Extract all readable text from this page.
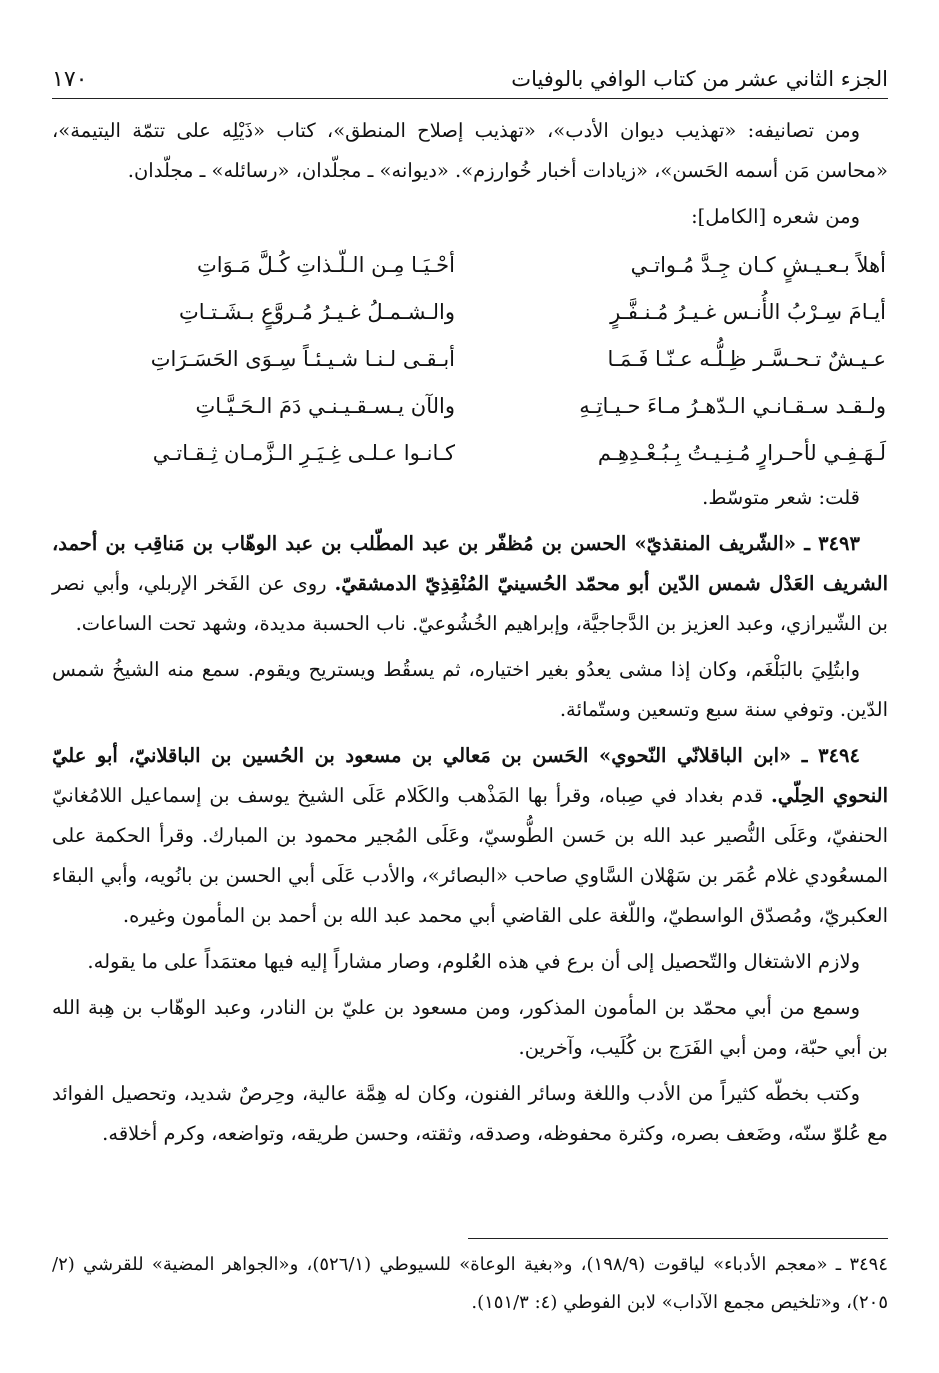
الجزء الثاني عشر من كتاب الوافي بالوفيات
١٧٠

ومن تصانيفه: «تهذيب ديوان الأدب»، «تهذيب إصلاح المنطق»، كتاب «ذَيْلِه على تتمّة اليتيمة»، «محاسن مَن أسمه الحَسن»، «زيادات أخبار خُوارزم». «ديوانه» ـ مجلّدان، «رسائله» ـ مجلّدان.

ومن شعره [الكامل]:

أهلاً بـعـيـشٍ كـان جِـدَّ مُـواتـي
أحْـيَـا مِـن الـلّـذاتِ كُـلَّ مَـوَاتِ
أيـامَ سِـرْبُ الأُنـس غـيـرُ مُـنـفَّـرٍ
والـشـمـلُ غـيـرُ مُـروَّعٍ بـشَـتـاتِ
عـيـشٌ تـحـسَّـر ظِـلُّـه عـنّـا فَـمَـا
أبـقـى لـنـا شـيـئـاً سِـوَى الحَسَـرَاتِ
ولـقـد سـقـانـي الـدّهـرُ مـاءَ حـيـاتِـهِ
والآن يـسـقـيـنـي دَمَ الـحَـيَّـاتِ
لَـهَـفِـي لأحـرارٍ مُـنِـيـتُ بِـبُـعْـدِهِـم
كـانـوا عـلـى غِـيَـرِ الـزَّمـان ثِـقـاتـي

قلت: شعر متوسّط.

٣٤٩٣ ـ «الشّريف المنقذيّ» الحسن بن مُظفّر بن عبد المطّلب بن عبد الوهّاب بن مَناقِب بن أحمد، الشريف العَدْل شمس الدّين أبو محمّد الحُسينيّ المُنْقِذِيّ الدمشقيّ. روى عن الفَخر الإربلي، وأبي نصر بن الشّيرازي، وعبد العزيز بن الدَّجاجيَّة، وإبراهيم الخُشُوعيّ. ناب الحسبة مديدة، وشهد تحت الساعات.

وابتُلِيَ بالبَلْغَم، وكان إذا مشى يعدُو بغير اختياره، ثم يسقُط ويستريح ويقوم. سمع منه الشيخُ شمس الدّين. وتوفي سنة سبع وتسعين وستّمائة.

٣٤٩٤ ـ «ابن الباقلانّي النّحوي» الحَسن بن مَعالي بن مسعود بن الحُسين بن الباقلانيّ، أبو عليّ النحوي الحِلّي. قدم بغداد في صِباه، وقرأ بها المَذْهب والكَلام عَلَى الشيخ يوسف بن إسماعيل اللامُغانيّ الحنفيّ، وعَلَى النُّصير عبد الله بن حَسن الطُّوسيّ، وعَلَى المُجير محمود بن المبارك. وقرأ الحكمة على المسعُودي غلام عُمَر بن سَهْلان السَّاوي صاحب «البصائر»، والأدب عَلَى أبي الحسن بن بانُويه، وأبي البقاء العكبريّ، ومُصدّق الواسطيّ، واللّغة على القاضي أبي محمد عبد الله بن أحمد بن المأمون وغيره.

ولازم الاشتغال والتّحصيل إلى أن برع في هذه العُلوم، وصار مشاراً إليه فيها معتمَداً على ما يقوله.

وسمع من أبي محمّد بن المأمون المذكور، ومن مسعود بن عليّ بن النادر، وعبد الوهّاب بن هِبة الله بن أبي حبّة، ومن أبي الفَرَج بن كُلَيب، وآخرين.

وكتب بخطّه كثيراً من الأدب واللغة وسائر الفنون، وكان له هِمَّة عالية، وحِرصٌ شديد، وتحصيل الفوائد مع عُلوّ سنّه، وضَعف بصره، وكثرة محفوظه، وصدقه، وثقته، وحسن طريقه، وتواضعه، وكرم أخلاقه.

٣٤٩٤ ـ «معجم الأدباء» لياقوت (١٩٨/٩)، و«بغية الوعاة» للسيوطي (٥٢٦/١)، و«الجواهر المضية» للقرشي (٢/ ٢٠٥)، و«تلخيص مجمع الآداب» لابن الفوطي (٤: ١٥١/٣).
